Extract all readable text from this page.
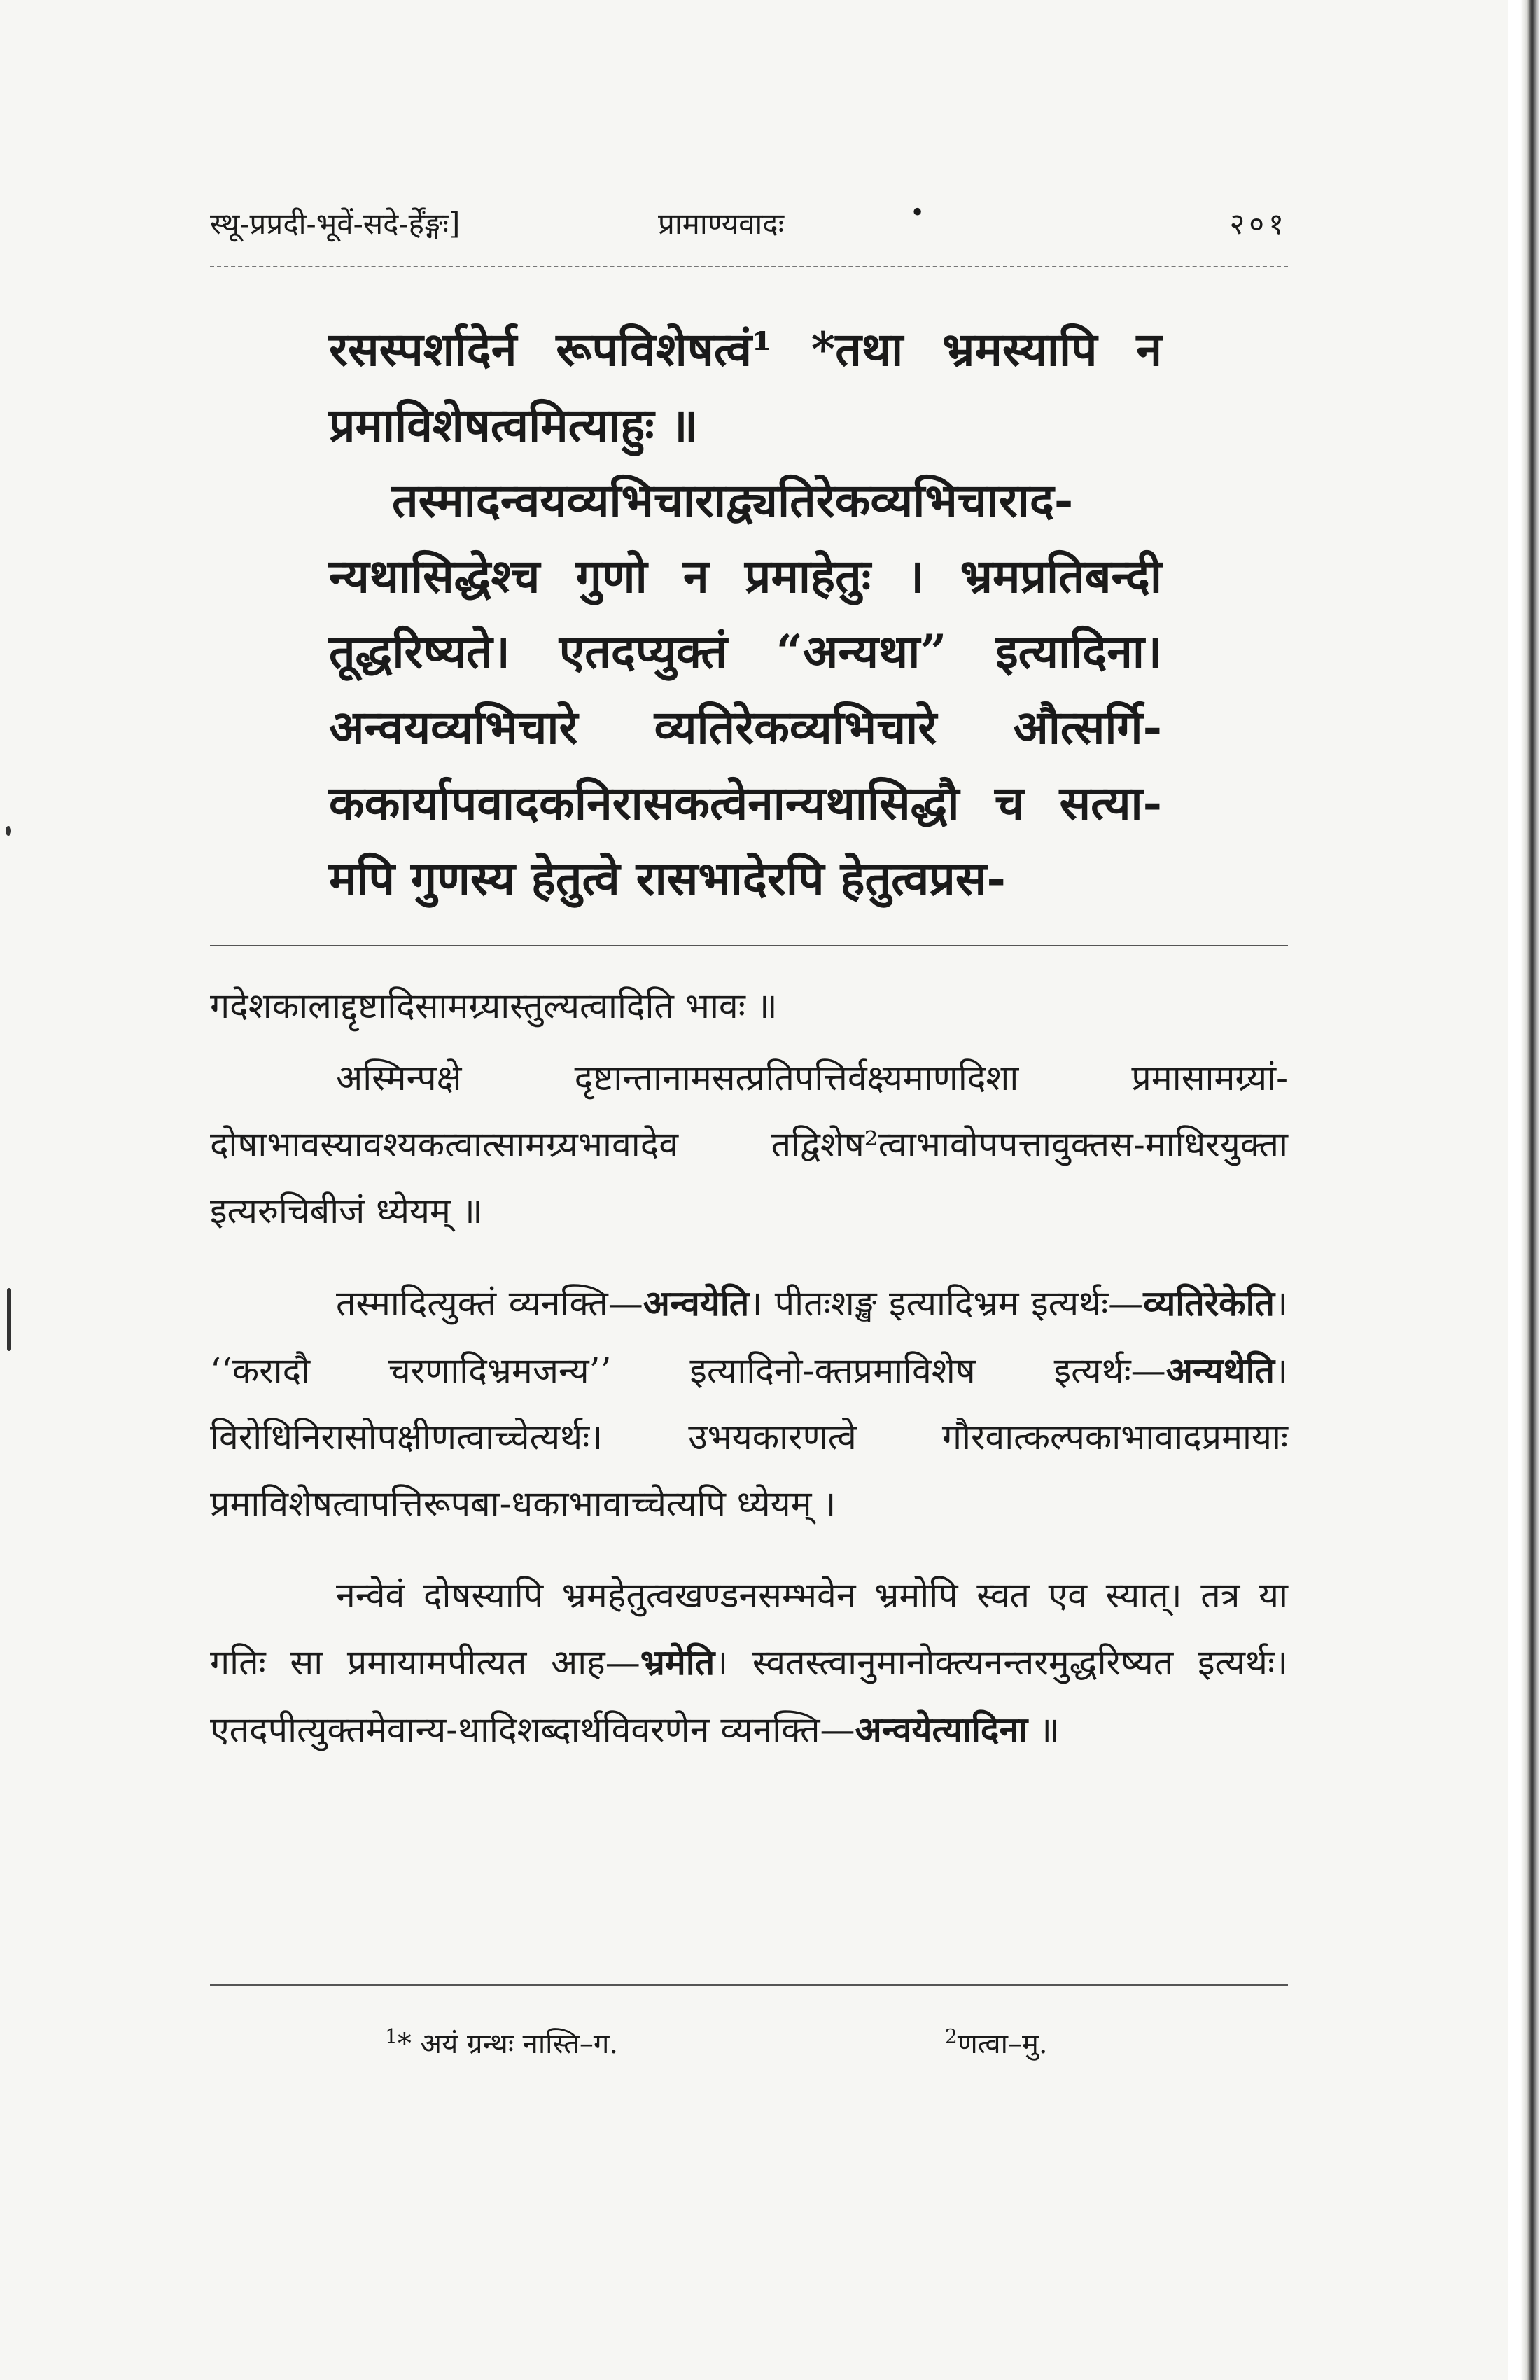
स्थू-प्रप्रदी-भूवें-सदे-र्हेंङ्गः]	प्रामाण्यवादः	•	२०१

रसस्पर्शादेर्न रूपविशेषत्वं¹ *तथा भ्रमस्यापि न प्रमाविशेषत्वमित्याहुः ॥

तस्मादन्वयव्यभिचाराद्व्यतिरेकव्यभिचाराद-न्यथासिद्धेश्च गुणो न प्रमाहेतुः । भ्रमप्रतिबन्दी तूद्धरिष्यते। एतदप्युक्तं “अन्यथा” इत्यादिना। अन्वयव्यभिचारे व्यतिरेकव्यभिचारे औत्सर्गि-ककार्यापवादकनिरासकत्वेनान्यथासिद्धौ च सत्या-मपि गुणस्य हेतुत्वे रासभादेरपि हेतुत्वप्रस-

गदेशकालाद्दृष्टादिसामग्र्यास्तुल्यत्वादिति भावः ॥

अस्मिन्पक्षे दृष्टान्तानामसत्प्रतिपत्तिर्वक्ष्यमाणदिशा प्रमासामग्र्यां-दोषाभावस्यावश्यकत्वात्सामग्र्यभावादेव तद्विशेष²त्वाभावोपपत्तावुक्तस-माधिरयुक्ता इत्यरुचिबीजं ध्येयम् ॥

तस्मादित्युक्तं व्यनक्ति—अन्वयेति। पीतःशङ्ख इत्यादिभ्रम इत्यर्थः—व्यतिरेकेति। ‘‘करादौ चरणादिभ्रमजन्य’’ इत्यादिनो-क्तप्रमाविशेष इत्यर्थः—अन्यथेति। विरोधिनिरासोपक्षीणत्वाच्चेत्यर्थः। उभयकारणत्वे गौरवात्कल्पकाभावादप्रमायाः प्रमाविशेषत्वापत्तिरूपबा-धकाभावाच्चेत्यपि ध्येयम् ।

नन्वेवं दोषस्यापि भ्रमहेतुत्वखण्डनसम्भवेन भ्रमोपि स्वत एव स्यात्। तत्र या गतिः सा प्रमायामपीत्यत आह—भ्रमेति। स्वतस्त्वानुमानोक्त्यनन्तरमुद्धरिष्यत इत्यर्थः। एतदपीत्युक्तमेवान्य-थादिशब्दार्थविवरणेन व्यनक्ति—अन्वयेत्यादिना ॥

$^1$* अयं ग्रन्थः नास्ति–ग.	$^2$णत्वा–मु.
